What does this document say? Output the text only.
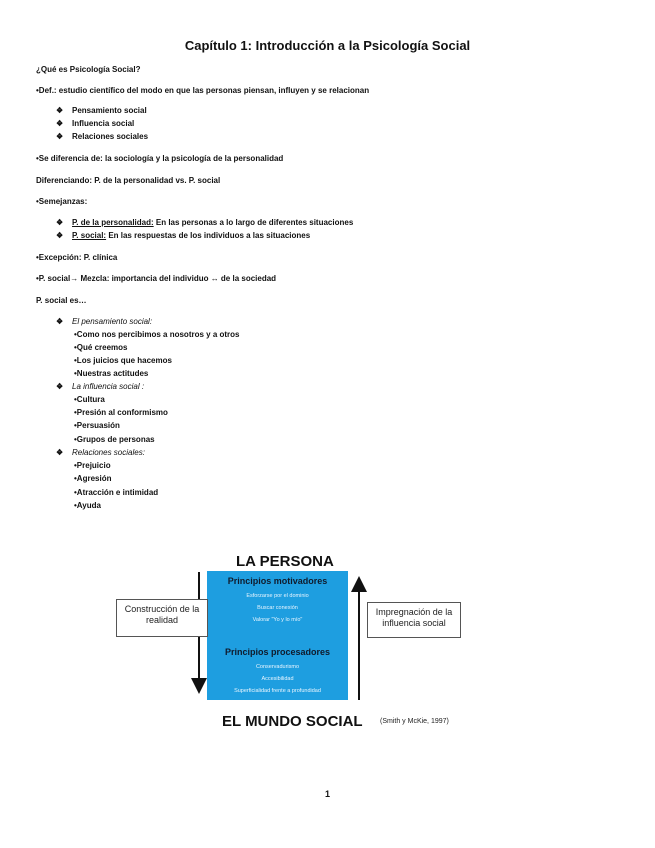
Capítulo 1: Introducción a la Psicología Social
¿Qué es Psicología Social?
•Def.: estudio científico del modo en que las personas piensan, influyen y se relacionan
❖ Pensamiento social
❖ Influencia social
❖ Relaciones sociales
•Se diferencia de: la sociología y la psicología de la personalidad
Diferenciando: P. de la personalidad vs. P. social
•Semejanzas:
❖ P. de la personalidad: En las personas a lo largo de diferentes situaciones
❖ P. social: En las respuestas de los individuos a las situaciones
•Excepción: P. clínica
•P. social→ Mezcla: importancia del individuo ↔ de la sociedad
P. social es…
❖ El pensamiento social:
•Como nos percibimos a nosotros y a otros
•Qué creemos
•Los juicios que hacemos
•Nuestras actitudes
❖ La influencia social :
•Cultura
•Presión al conformismo
•Persuasión
•Grupos de personas
❖ Relaciones sociales:
•Prejuicio
•Agresión
•Atracción e intimidad
•Ayuda
LA PERSONA
Principios motivadores
Esforzarse por el dominio
Buscar conexión
Valorar "Yo y lo mío"
Principios procesadores
Conservadurismo
Accesibilidad
Superficialidad frente a profundidad
Construcción de la realidad
Impregnación de la influencia social
EL MUNDO SOCIAL (Smith y McKie, 1997)
1
